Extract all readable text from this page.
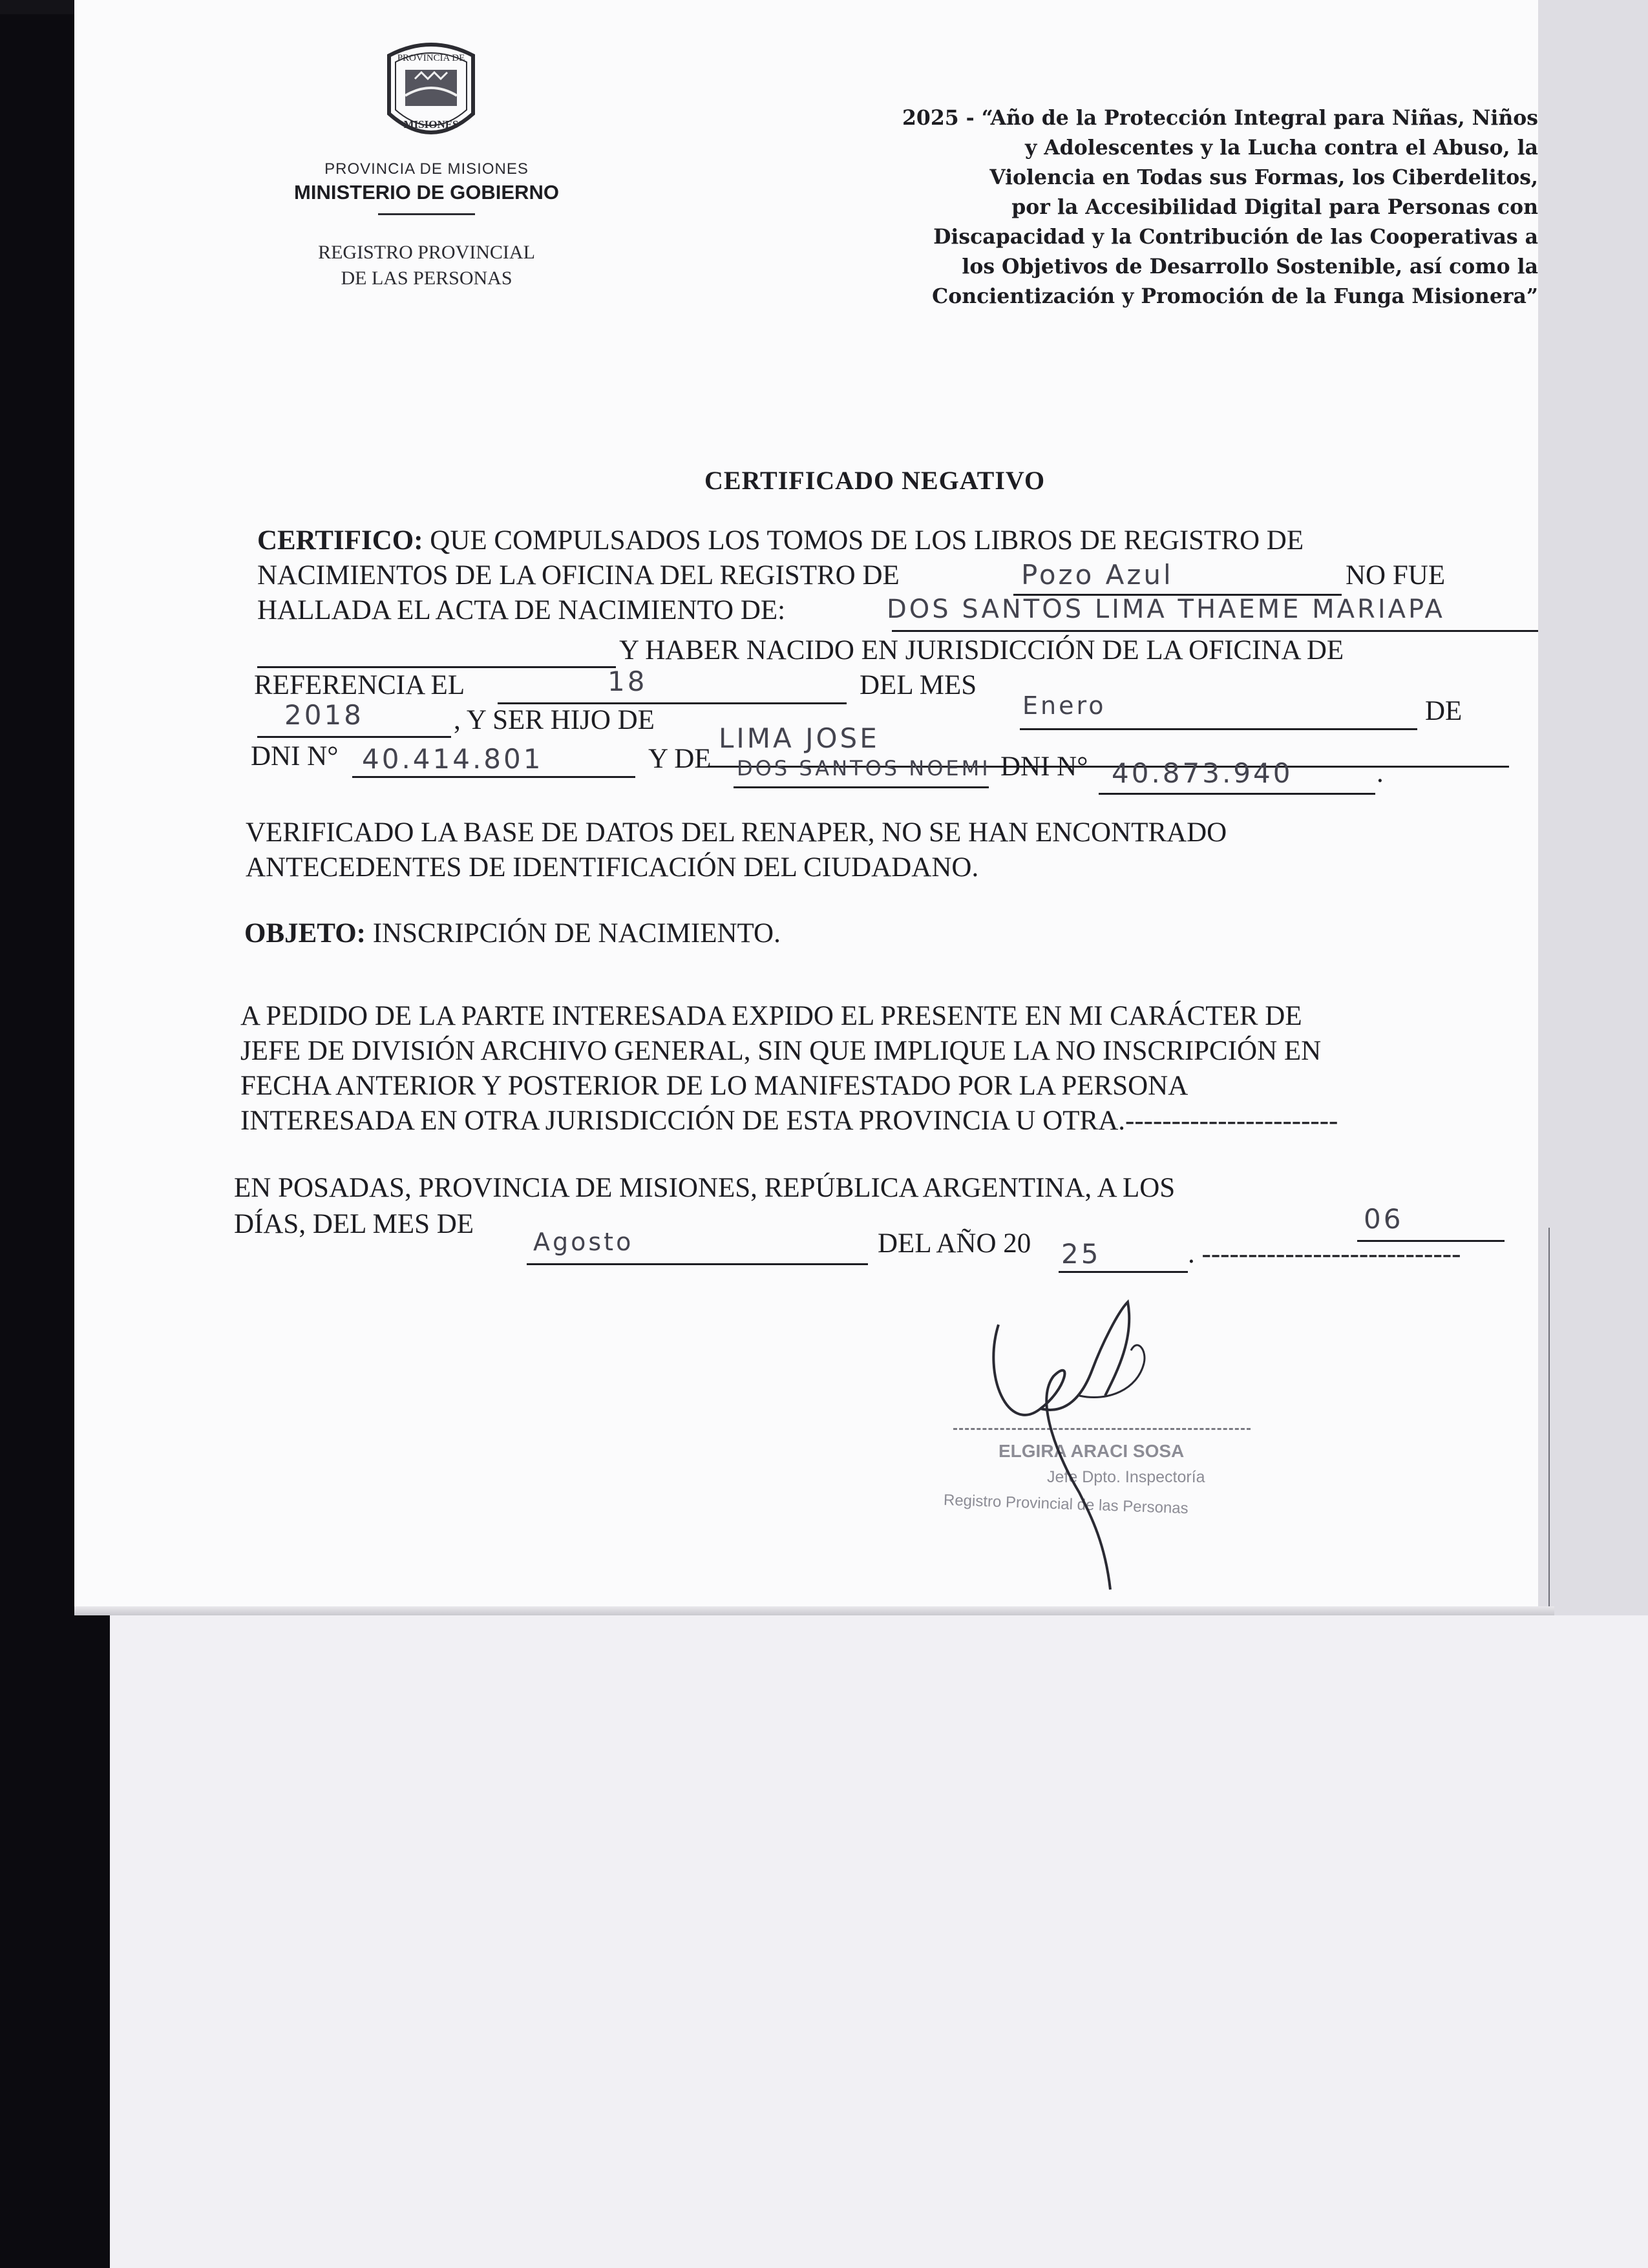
PROVINCIA DE
MISIONES
PROVINCIA DE MISIONES
MINISTERIO DE GOBIERNO
REGISTRO PROVINCIAL
DE LAS PERSONAS
2025 - “Año de la Protección Integral para Niñas, Niños
y Adolescentes y la Lucha contra el Abuso, la
Violencia en Todas sus Formas, los Ciberdelitos,
por la Accesibilidad Digital para Personas con
Discapacidad y la Contribución de las Cooperativas a
los Objetivos de Desarrollo Sostenible, así como la
Concientización y Promoción de la Funga Misionera”
CERTIFICADO NEGATIVO
CERTIFICO: QUE COMPULSADOS LOS TOMOS DE LOS LIBROS DE REGISTRO DE
NACIMIENTOS DE LA OFICINA DEL REGISTRO DE	Pozo Azul	NO FUE
HALLADA EL ACTA DE NACIMIENTO DE:	DOS SANTOS LIMA THAEME MARIAPA
Y HABER NACIDO EN JURISDICCIÓN DE LA OFICINA DE
REFERENCIA EL	18	DEL MES
Enero	DE
2018	, Y SER HIJO DE
LIMA JOSE
DNI N° 40.414.801	Y DE DOS SANTOS NOEMI DNI N° 40.873.940	.
VERIFICADO LA BASE DE DATOS DEL RENAPER, NO SE HAN ENCONTRADO
ANTECEDENTES DE IDENTIFICACIÓN DEL CIUDADANO.
OBJETO: INSCRIPCIÓN DE NACIMIENTO.
A PEDIDO DE LA PARTE INTERESADA EXPIDO EL PRESENTE EN MI CARÁCTER DE
JEFE DE DIVISIÓN ARCHIVO GENERAL, SIN QUE IMPLIQUE LA NO INSCRIPCIÓN EN
FECHA ANTERIOR Y POSTERIOR DE LO MANIFESTADO POR LA PERSONA
INTERESADA EN OTRA JURISDICCIÓN DE ESTA PROVINCIA U OTRA.-----------------------
EN POSADAS, PROVINCIA DE MISIONES, REPÚBLICA ARGENTINA, A LOS
06
DÍAS, DEL MES DE
Agosto	DEL AÑO 20 25	. ----------------------------
ELGIRA ARACI SOSA
Jefe Dpto. Inspectoría
Registro Provincial de las Personas
